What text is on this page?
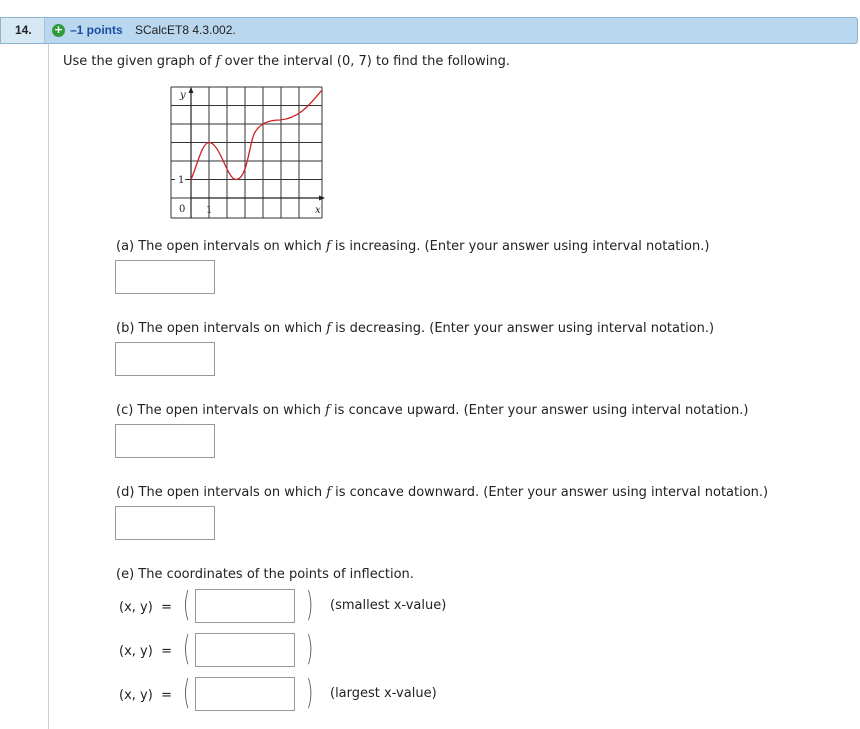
14.	+ –1 points SCalcET8 4.3.002.
Use the given graph of f over the interval (0, 7) to find the following.
y
1
0 1	x
(a) The open intervals on which f is increasing. (Enter your answer using interval notation.)
(b) The open intervals on which f is decreasing. (Enter your answer using interval notation.)
(c) The open intervals on which f is concave upward. (Enter your answer using interval notation.)
(d) The open intervals on which f is concave downward. (Enter your answer using interval notation.)
(e) The coordinates of the points of inflection.
(x, y) = (	) (smallest x-value)
(x, y) = (	)
(x, y) = (	) (largest x-value)
